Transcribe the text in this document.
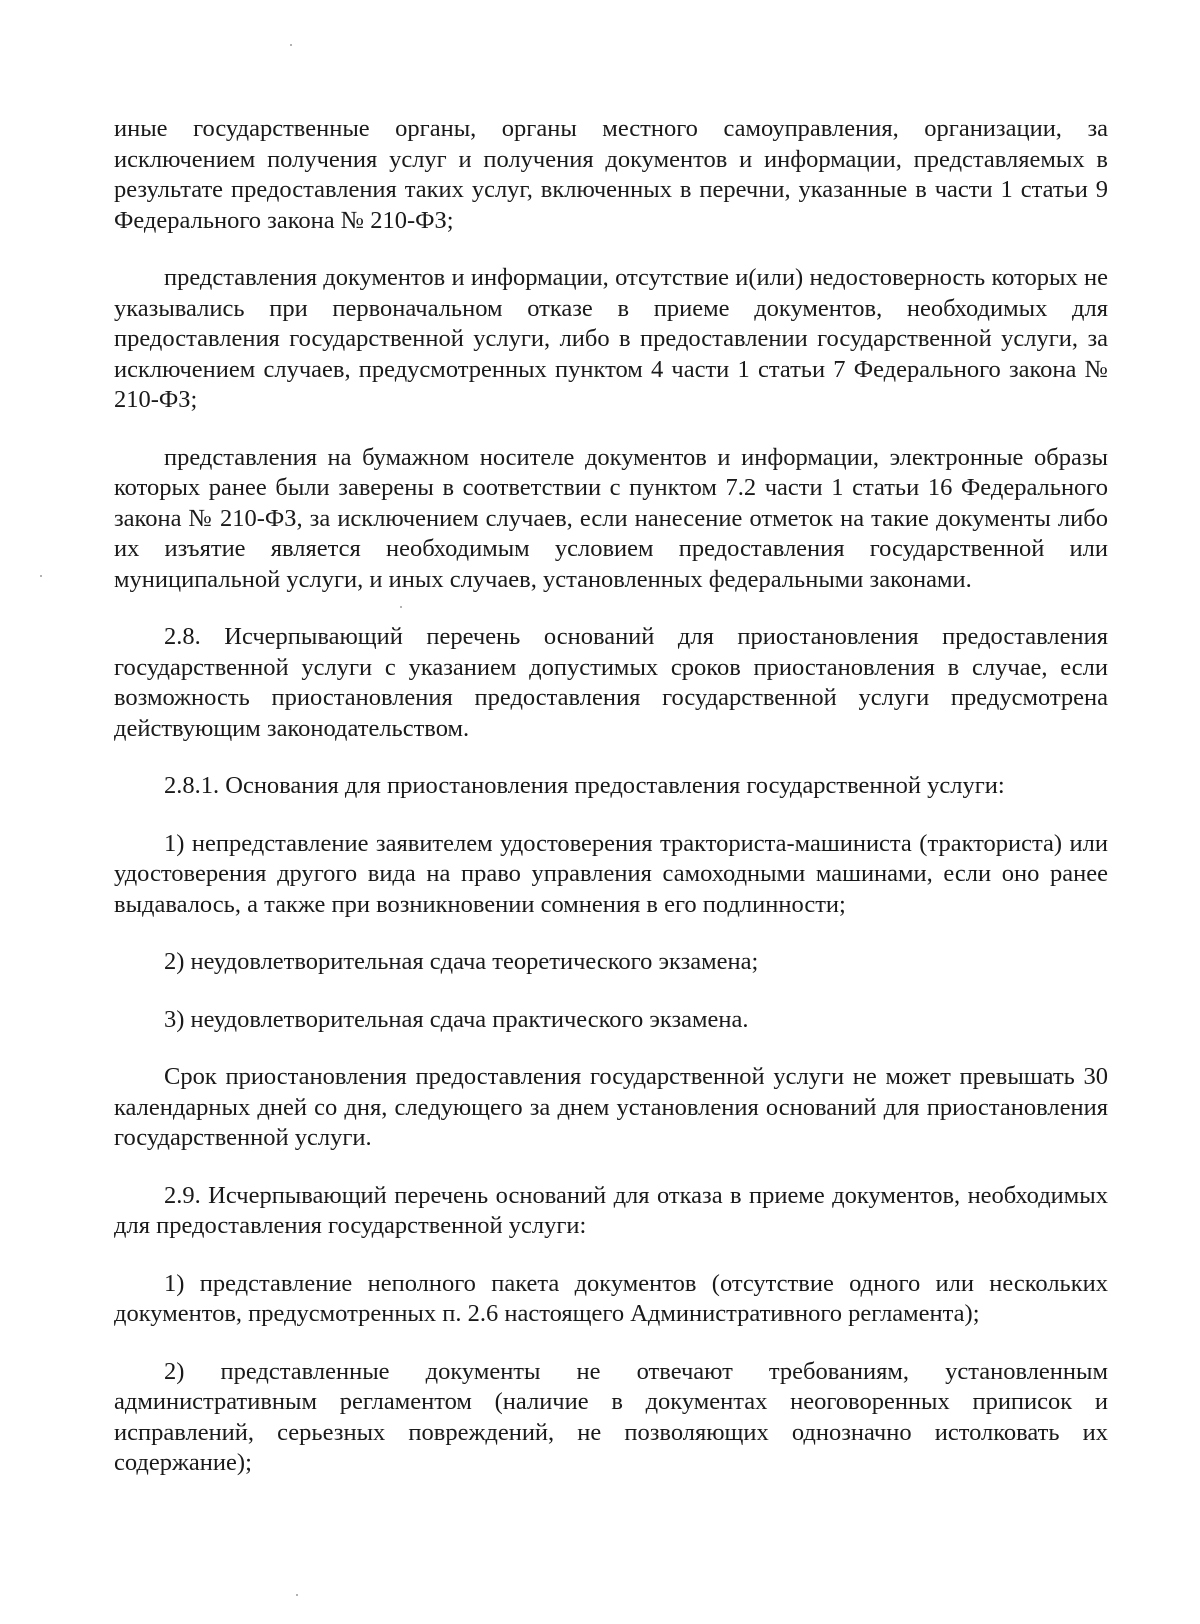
иные государственные органы, органы местного самоуправления, организации, за исключением получения услуг и получения документов и информации, представляемых в результате предоставления таких услуг, включенных в перечни, указанные в части 1 статьи 9 Федерального закона № 210-ФЗ;

представления документов и информации, отсутствие и(или) недостоверность которых не указывались при первоначальном отказе в приеме документов, необходимых для предоставления государственной услуги, либо в предоставлении государственной услуги, за исключением случаев, предусмотренных пунктом 4 части 1 статьи 7 Федерального закона № 210-ФЗ;

представления на бумажном носителе документов и информации, электронные образы которых ранее были заверены в соответствии с пунктом 7.2 части 1 статьи 16 Федерального закона № 210-ФЗ, за исключением случаев, если нанесение отметок на такие документы либо их изъятие является необходимым условием предоставления государственной или муниципальной услуги, и иных случаев, установленных федеральными законами.

2.8. Исчерпывающий перечень оснований для приостановления предоставления государственной услуги с указанием допустимых сроков приостановления в случае, если возможность приостановления предоставления государственной услуги предусмотрена действующим законодательством.

2.8.1. Основания для приостановления предоставления государственной услуги:

1) непредставление заявителем удостоверения тракториста-машиниста (тракториста) или удостоверения другого вида на право управления самоходными машинами, если оно ранее выдавалось, а также при возникновении сомнения в его подлинности;

2) неудовлетворительная сдача теоретического экзамена;

3) неудовлетворительная сдача практического экзамена.

Срок приостановления предоставления государственной услуги не может превышать 30 календарных дней со дня, следующего за днем установления оснований для приостановления государственной услуги.

2.9. Исчерпывающий перечень оснований для отказа в приеме документов, необходимых для предоставления государственной услуги:

1) представление неполного пакета документов (отсутствие одного или нескольких документов, предусмотренных п. 2.6 настоящего Административного регламента);

2) представленные документы не отвечают требованиям, установленным административным регламентом (наличие в документах неоговоренных приписок и исправлений, серьезных повреждений, не позволяющих однозначно истолковать их содержание);
